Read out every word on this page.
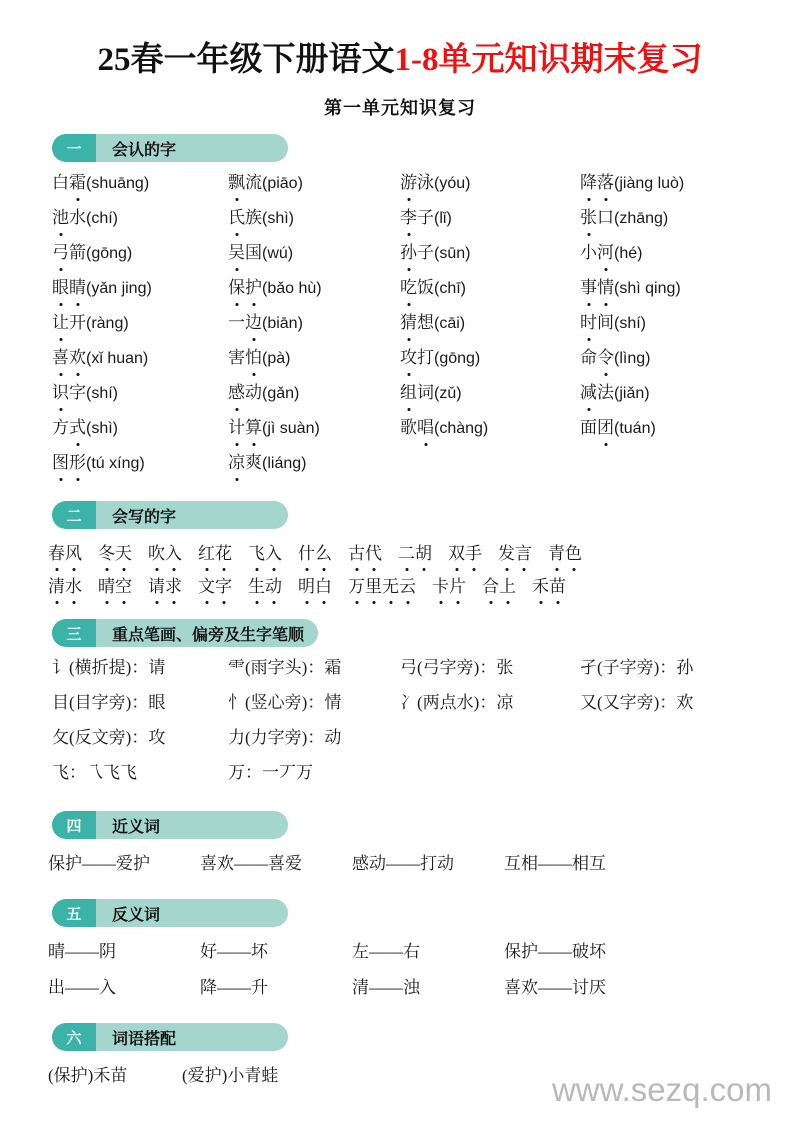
25春一年级下册语文1-8单元知识期末复习
第一单元知识复习
一	会认的字
白霜(shuāng)	飘流(piāo)	游泳(yóu)	降落(jiàng luò)
池水(chí)	氏族(shì)	李子(lǐ)	张口(zhāng)
弓箭(gōng)	吴国(wú)	孙子(sūn)	小河(hé)
眼睛(yǎn jing)	保护(bǎo hù)	吃饭(chī)	事情(shì qing)
让开(ràng)	一边(biān)	猜想(cāi)	时间(shí)
喜欢(xǐ huan)	害怕(pà)	攻打(gōng)	命令(lìng)
识字(shí)	感动(gǎn)	组词(zǔ)	减法(jiǎn)
方式(shì)	计算(jì suàn)	歌唱(chàng)	面团(tuán)
图形(tú xíng)	凉爽(liáng)
二	会写的字
春风 冬天 吹入 红花 飞入 什么 古代 二胡 双手 发言 青色
清水 晴空 请求 文字 生动 明白 万里无云 卡片 合上 禾苗
三	重点笔画、偏旁及生字笔顺
讠(横折提)：请	⻗(雨字头)：霜	弓(弓字旁)：张	孑(子字旁)：孙
目(目字旁)：眼	忄(竖心旁)：情	冫(两点水)：凉	又(又字旁)：欢
攵(反文旁)：攻	力(力字旁)：动
飞：乁飞飞	万：一丆万
四	近义词
保护——爱护	喜欢——喜爱	感动——打动	互相——相互
五	反义词
晴——阴	好——坏	左——右	保护——破坏
出——入	降——升	清——浊	喜欢——讨厌
六	词语搭配
(保护)禾苗	(爱护)小青蛙	www.sezq.com
